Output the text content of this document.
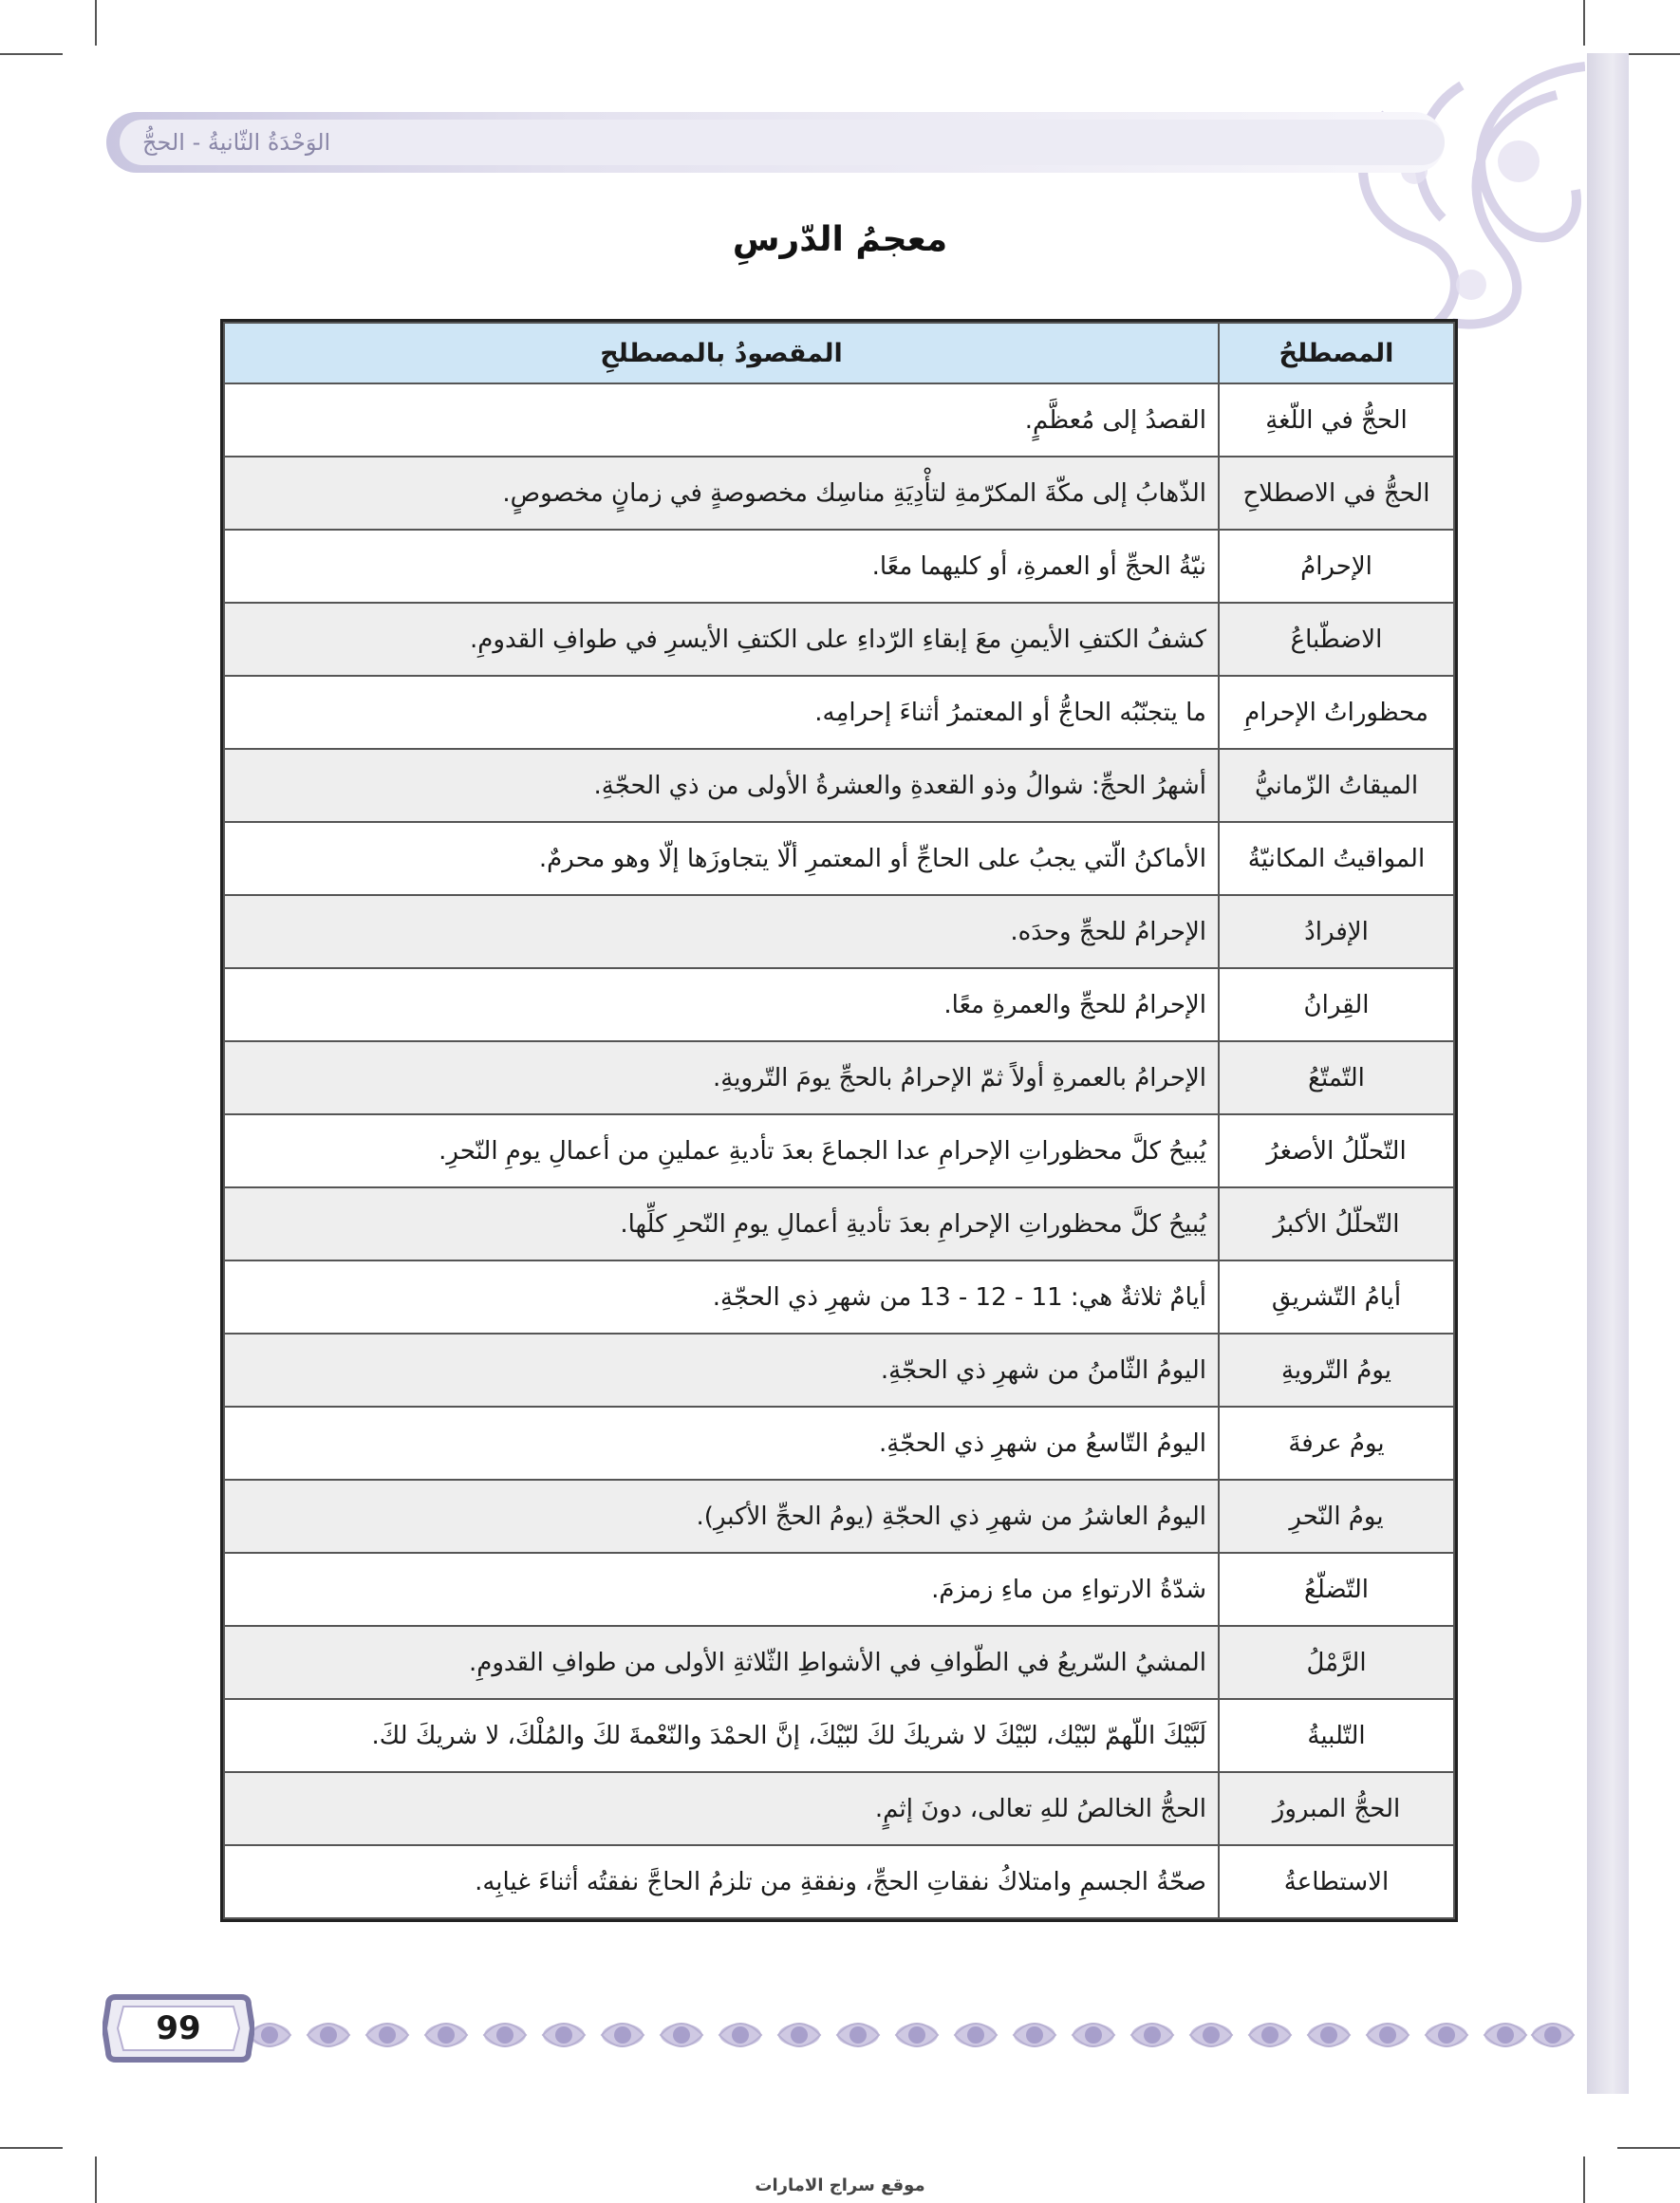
الوَحْدَةُ الثّانيةُ - الحجُّ
معجمُ الدّرسِ
المصطلحُ	المقصودُ بالمصطلحِ
الحجُّ في اللّغةِ	القصدُ إلى مُعظَّمٍ.
الحجُّ في الاصطلاحِ	الذّهابُ إلى مكّةَ المكرّمةِ لتأْدِيَةِ مناسِك مخصوصةٍ في زمانٍ مخصوصٍ.
الإحرامُ	نيّةُ الحجِّ أو العمرةِ، أو كليهما معًا.
الاضطّباعُ	كشفُ الكتفِ الأيمنِ معَ إبقاءِ الرّداءِ على الكتفِ الأيسرِ في طوافِ القدومِ.
محظوراتُ الإحرامِ	ما يتجنّبُه الحاجُّ أو المعتمرُ أثناءَ إحرامِه.
الميقاتُ الزّمانيُّ	أشهرُ الحجِّ: شوالُ وذو القعدةِ والعشرةُ الأولى من ذي الحجّةِ.
المواقيتُ المكانيّةُ	الأماكنُ الّتي يجبُ على الحاجِّ أو المعتمرِ ألّا يتجاوزَها إلّا وهو محرمٌ.
الإفرادُ	الإحرامُ للحجِّ وحدَه.
القِرانُ	الإحرامُ للحجِّ والعمرةِ معًا.
التّمتّعُ	الإحرامُ بالعمرةِ أولاً ثمّ الإحرامُ بالحجِّ يومَ التّرويةِ.
التّحلّلُ الأصغرُ	يُبيحُ كلَّ محظوراتِ الإحرامِ عدا الجماعَ بعدَ تأديةِ عملينِ من أعمالِ يومِ النّحرِ.
التّحلّلُ الأكبرُ	يُبيحُ كلَّ محظوراتِ الإحرامِ بعدَ تأديةِ أعمالِ يومِ النّحرِ كلِّها.
أيامُ التّشريقِ	أيامٌ ثلاثةٌ هي: 11 - 12 - 13 من شهرِ ذي الحجّةِ.
يومُ التّرويةِ	اليومُ الثّامنُ من شهرِ ذي الحجّةِ.
يومُ عرفةَ	اليومُ التّاسعُ من شهرِ ذي الحجّةِ.
يومُ النّحرِ	اليومُ العاشرُ من شهرِ ذي الحجّةِ (يومُ الحجِّ الأكبرِ).
التّضلّعُ	شدّةُ الارتواءِ من ماءِ زمزمَ.
الرَّمْلُ	المشيُ السّريعُ في الطّوافِ في الأشواطِ الثّلاثةِ الأولى من طوافِ القدومِ.
التّلبيةُ	لَبَّيْكَ اللّهمّ لبّيْك، لبّيْكَ لا شريكَ لكَ لبّيْكَ، إنَّ الحمْدَ والنّعْمةَ لكَ والمُلْكَ، لا شريكَ لكَ.
الحجُّ المبرورُ	الحجُّ الخالصُ للهِ تعالى، دونَ إثمٍ.
الاستطاعةُ	صحّةُ الجسمِ وامتلاكُ نفقاتِ الحجِّ، ونفقةِ من تلزمُ الحاجَّ نفقتُه أثناءَ غيابِه.
99
موقع سراج الامارات
